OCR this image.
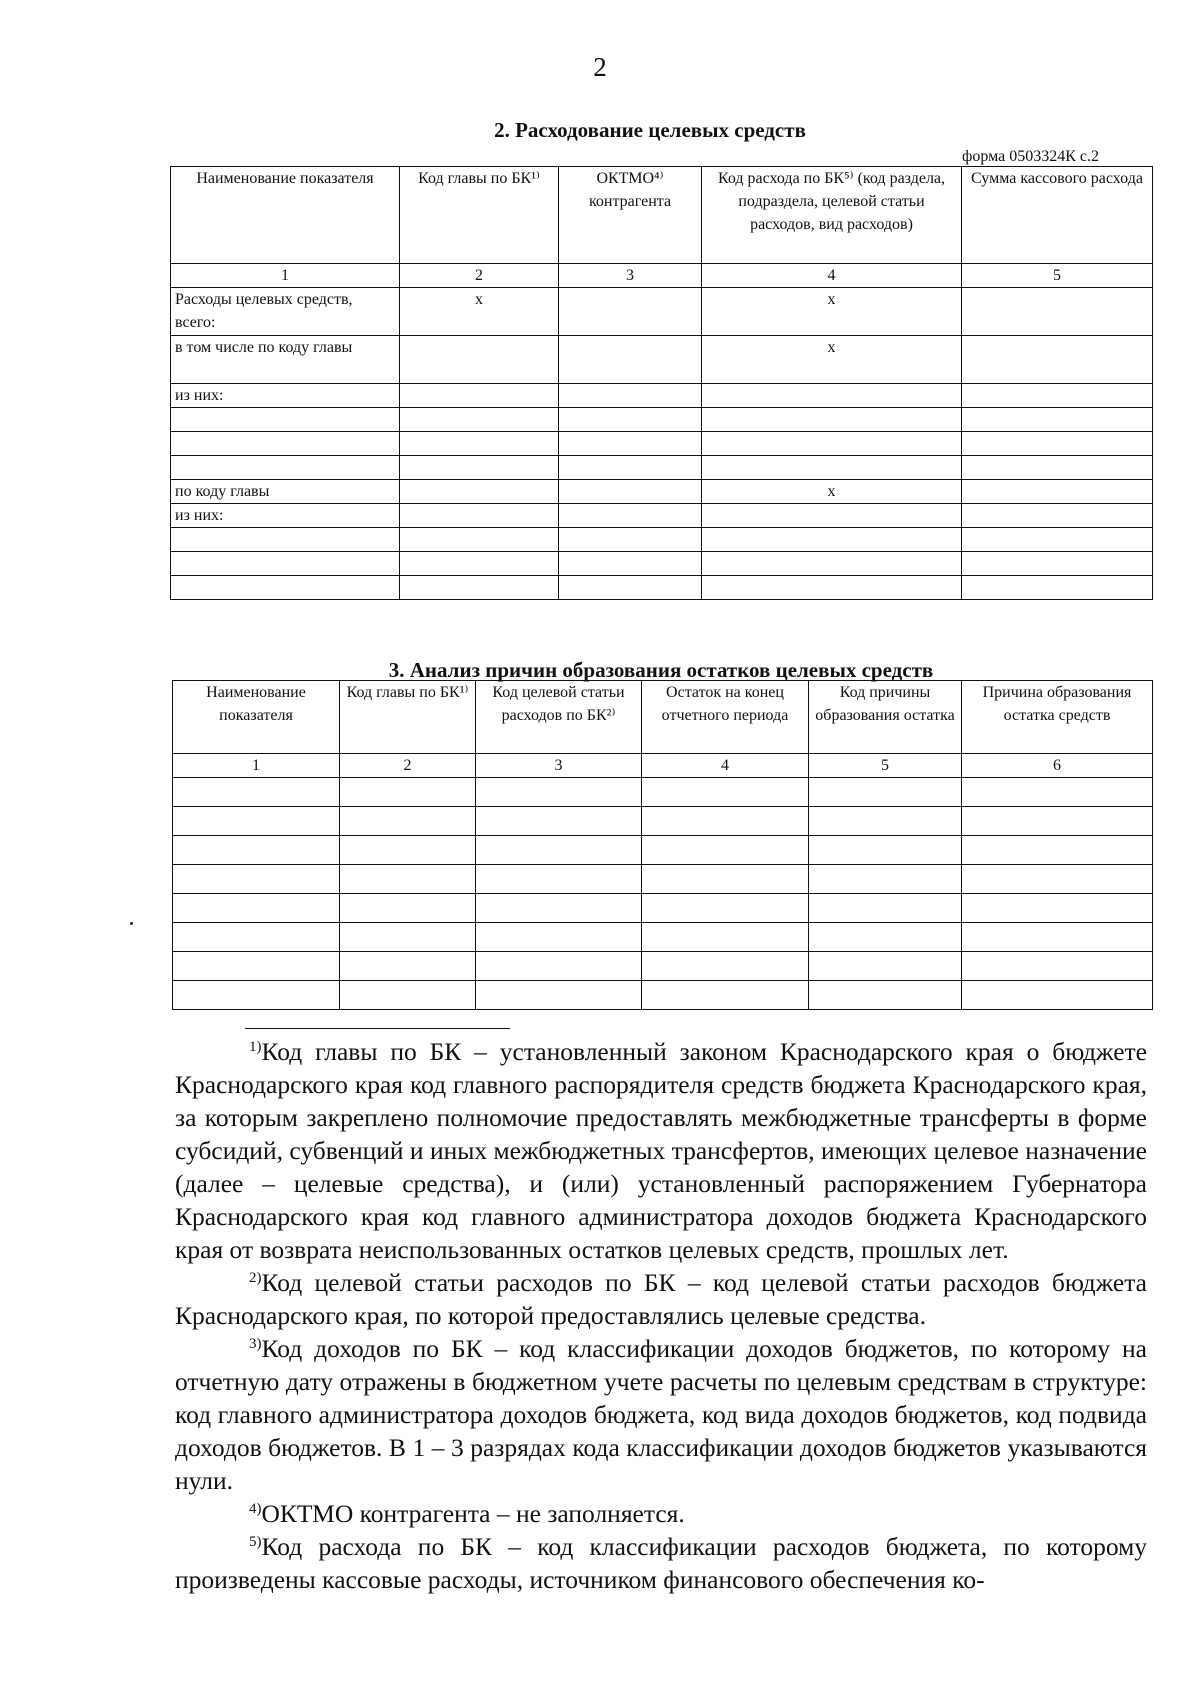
2
2. Расходование целевых средств
форма 0503324К с.2
Наименование показателя	Код главы по БК¹⁾	ОКТМО⁴⁾ контрагента	Код расхода по БК⁵⁾ (код раздела, подраздела, целевой статьи расходов, вид расходов)	Сумма кассового расхода
1	2	3	4	5
Расходы целевых средств, всего:	х		х	
в том числе по коду главы			х	
из них:				

по коду главы			х	
из них:				

3. Анализ причин образования остатков целевых средств
Наименование показателя	Код главы по БК¹⁾	Код целевой статьи расходов по БК²⁾	Остаток на конец отчетного периода	Код причины образования остатка	Причина образования остатка средств
1	2	3	4	5	6

$^{1)}$Код главы по БК – установленный законом Краснодарского края о бюджете Краснодарского края код главного распорядителя средств бюджета Краснодарского края, за которым закреплено полномочие предоставлять межбюджетные трансферты в форме субсидий, субвенций и иных межбюджетных трансфертов, имеющих целевое назначение (далее – целевые средства), и (или) установленный распоряжением Губернатора Краснодарского края код главного администратора доходов бюджета Краснодарского края от возврата неиспользованных остатков целевых средств, прошлых лет.

$^{2)}$Код целевой статьи расходов по БК – код целевой статьи расходов бюджета Краснодарского края, по которой предоставлялись целевые средства.

$^{3)}$Код доходов по БК – код классификации доходов бюджетов, по которому на отчетную дату отражены в бюджетном учете расчеты по целевым средствам в структуре: код главного администратора доходов бюджета, код вида доходов бюджетов, код подвида доходов бюджетов. В 1 – 3 разрядах кода классификации доходов бюджетов указываются нули.

$^{4)}$ОКТМО контрагента – не заполняется.

$^{5)}$Код расхода по БК – код классификации расходов бюджета, по которому произведены кассовые расходы, источником финансового обеспечения ко-
